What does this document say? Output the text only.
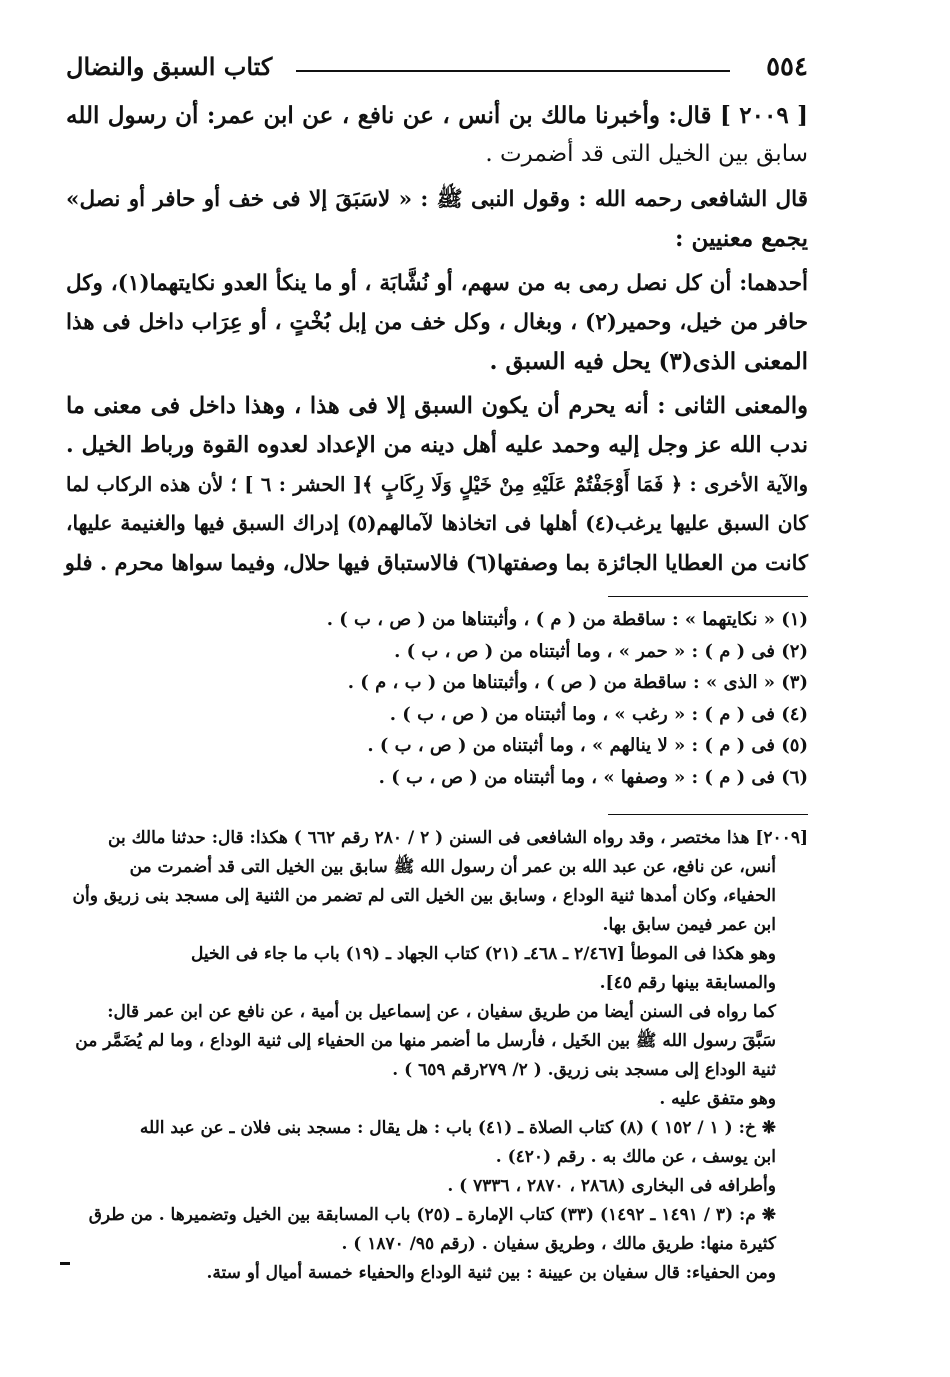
٥٥٤
كتاب السبق والنضال
[ ٢٠٠٩ ] قال: وأخبرنا مالك بن أنس ، عن نافع ، عن ابن عمر: أن رسول الله
سابق بين الخيل التى قد أضمرت .
قال الشافعى رحمه الله : وقول النبى ﷺ : « لاسَبَقَ إلا فى خف أو حافر أو نصل»
يجمع معنيين :
أحدهما: أن كل نصل رمى به من سهم، أو نُشَّابَة ، أو ما ينكأ العدو نكايتهما(١)، وكل
حافر من خيل، وحمير(٢) ، وبغال ، وكل خف من إبل بُخْتٍ ، أو عِرَاب داخل فى هذا
المعنى الذى(٣) يحل فيه السبق .
والمعنى الثانى : أنه يحرم أن يكون السبق إلا فى هذا ، وهذا داخل فى معنى ما
ندب الله عز وجل إليه وحمد عليه أهل دينه من الإعداد لعدوه القوة ورباط الخيل .
والآية الأخرى : ﴿ فَمَا أَوْجَفْتُمْ عَلَيْهِ مِنْ خَيْلٍ وَلَا رِكَابٍ ﴾[ الحشر : ٦ ] ؛ لأن هذه الركاب لما
كان السبق عليها يرغب(٤) أهلها فى اتخاذها لآمالهم(٥) إدراك السبق فيها والغنيمة عليها،
كانت من العطايا الجائزة بما وصفتها(٦) فالاستباق فيها حلال، وفيما سواها محرم . فلو
(١) « نكايتهما » : ساقطة من ( م ) ، وأثبتناها من ( ص ، ب ) .
(٢) فى ( م ) : « حمر » ، وما أثبتناه من ( ص ، ب ) .
(٣) « الذى » : ساقطة من ( ص ) ، وأثبتناها من ( ب ، م ) .
(٤) فى ( م ) : « رغب » ، وما أثبتناه من ( ص ، ب ) .
(٥) فى ( م ) : « لا ينالهم » ، وما أثبتناه من ( ص ، ب ) .
(٦) فى ( م ) : « وصفها » ، وما أثبتناه من ( ص ، ب ) .
[٢٠٠٩] هذا مختصر ، وقد رواه الشافعى فى السنن ( ٢ / ٢٨٠ رقم ٦٦٢ ) هكذا: قال: حدثنا مالك بن
أنس، عن نافع، عن عبد الله بن عمر أن رسول الله ﷺ سابق بين الخيل التى قد أضمرت من
الحفياء، وكان أمدها ثنية الوداع ، وسابق بين الخيل التى لم تضمر من الثنية إلى مسجد بنى زريق وأن
ابن عمر فيمن سابق بها.
وهو هكذا فى الموطأ [٢/٤٦٧ ـ ٤٦٨ـ (٢١) كتاب الجهاد ـ (١٩) باب ما جاء فى الخيل
والمسابقة بينها رقم ٤٥].
كما رواه فى السنن أيضا من طريق سفيان ، عن إسماعيل بن أمية ، عن نافع عن ابن عمر قال:
سَبَّقَ رسول الله ﷺ بين الخَيل ، فأرسل ما أضمر منها من الحفياء إلى ثنية الوداع ، وما لم يُضَمَّر من
ثنية الوداع إلى مسجد بنى زريق. ( ٢/ ٢٧٩رقم ٦٥٩ ) .
وهو متفق عليه .
❋ خ: ( ١ / ١٥٢ ) (٨) كتاب الصلاة ـ (٤١) باب : هل يقال : مسجد بنى فلان ـ عن عبد الله
ابن يوسف ، عن مالك به . رقم (٤٢٠) .
وأطرافه فى البخارى (٢٨٦٨ ، ٢٨٧٠ ، ٧٣٣٦ ) .
❋ م: (٣ / ١٤٩١ ـ ١٤٩٢) (٣٣) كتاب الإمارة ـ (٢٥) باب المسابقة بين الخيل وتضميرها . من طرق
كثيرة منها: طريق مالك ، وطريق سفيان . (رقم ٩٥/ ١٨٧٠ ) .
ومن الحفياء: قال سفيان بن عيينة : بين ثنية الوداع والحفياء خمسة أميال أو ستة.
